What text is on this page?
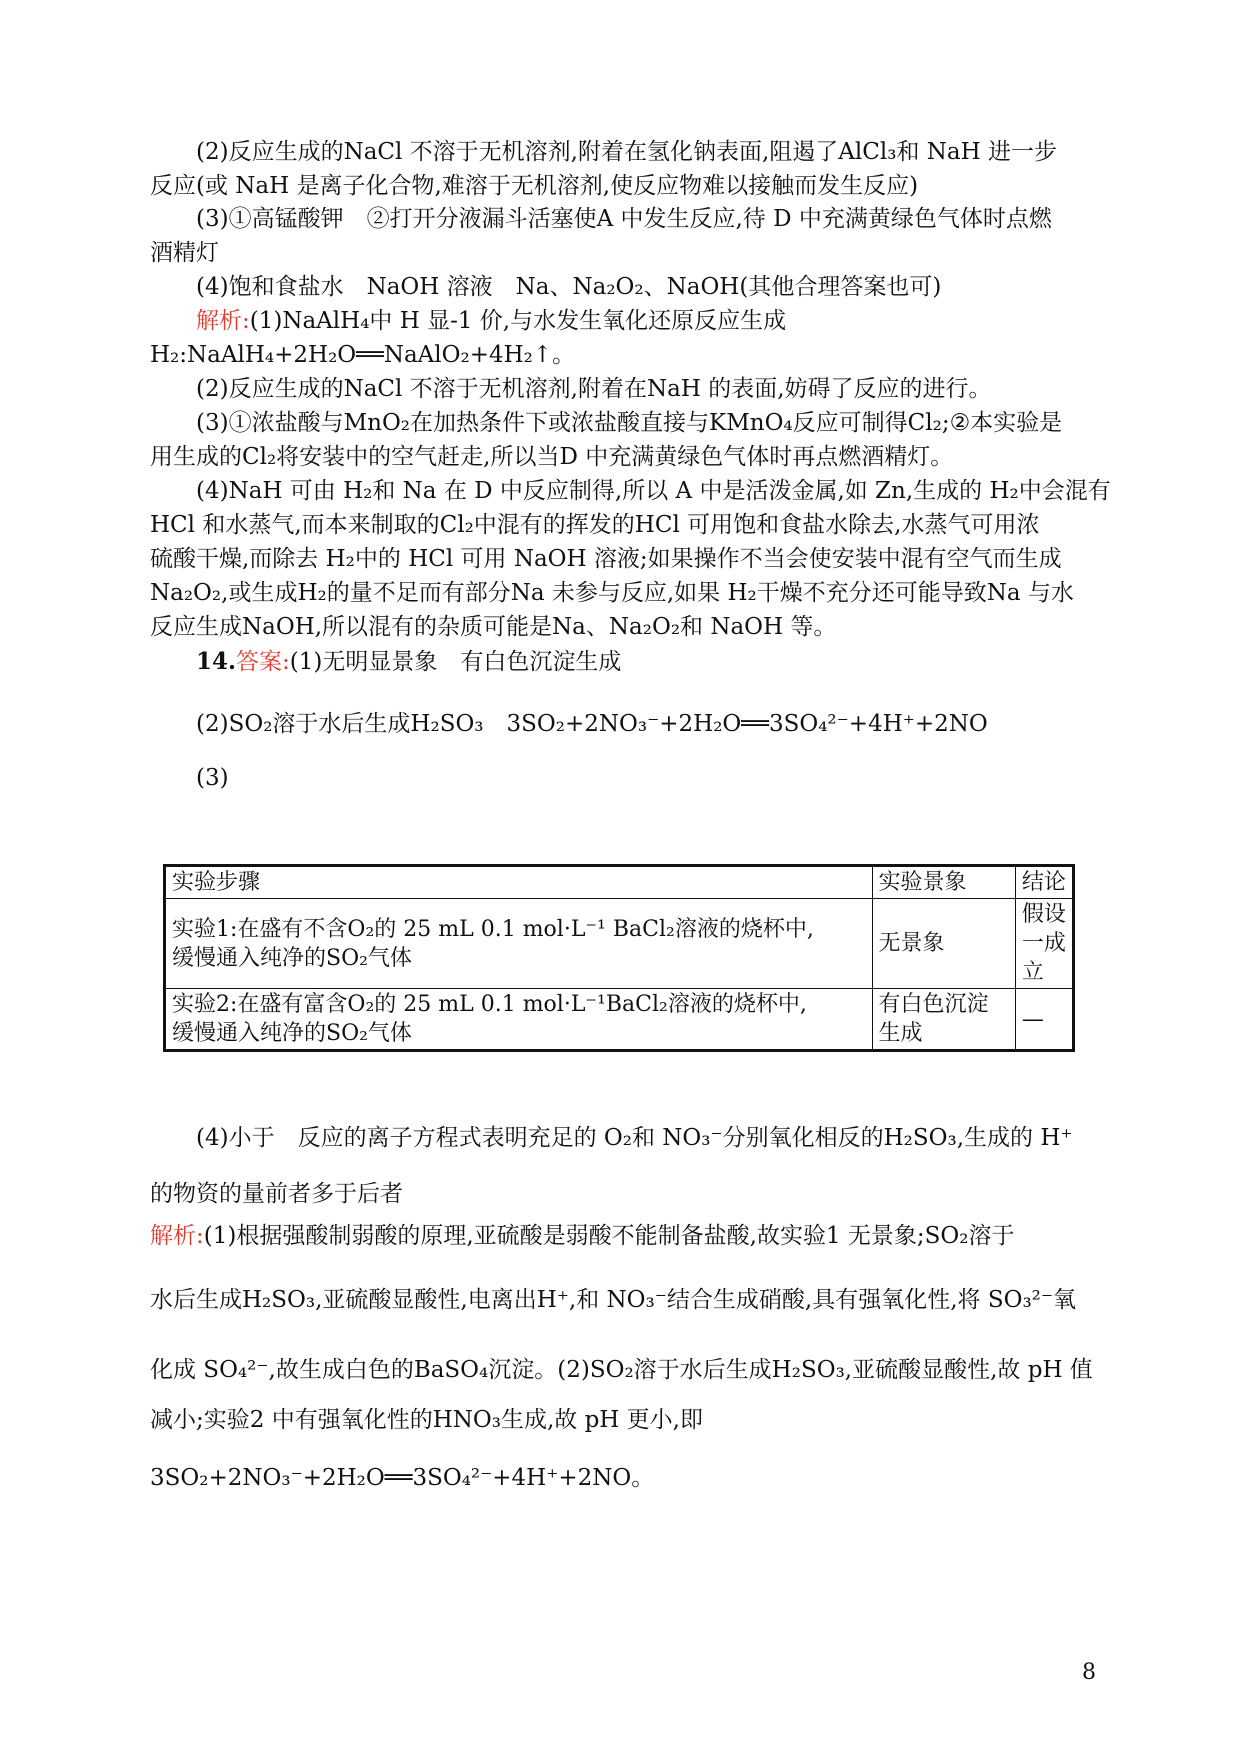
(2)反应生成的NaCl 不溶于无机溶剂,附着在氢化钠表面,阻遏了AlCl₃和 NaH 进一步
反应(或 NaH 是离子化合物,难溶于无机溶剂,使反应物难以接触而发生反应)
(3)①高锰酸钾　②打开分液漏斗活塞使A 中发生反应,待 D 中充满黄绿色气体时点燃
酒精灯
(4)饱和食盐水　NaOH 溶液　Na、Na₂O₂、NaOH(其他合理答案也可)
解析:(1)NaAlH₄中 H 显-1 价,与水发生氧化还原反应生成
H₂:NaAlH₄+2H₂O══NaAlO₂+4H₂↑。
(2)反应生成的NaCl 不溶于无机溶剂,附着在NaH 的表面,妨碍了反应的进行。
(3)①浓盐酸与MnO₂在加热条件下或浓盐酸直接与KMnO₄反应可制得Cl₂;②本实验是
用生成的Cl₂将安装中的空气赶走,所以当D 中充满黄绿色气体时再点燃酒精灯。
(4)NaH 可由 H₂和 Na 在 D 中反应制得,所以 A 中是活泼金属,如 Zn,生成的 H₂中会混有
HCl 和水蒸气,而本来制取的Cl₂中混有的挥发的HCl 可用饱和食盐水除去,水蒸气可用浓
硫酸干燥,而除去 H₂中的 HCl 可用 NaOH 溶液;如果操作不当会使安装中混有空气而生成
Na₂O₂,或生成H₂的量不足而有部分Na 未参与反应,如果 H₂干燥不充分还可能导致Na 与水
反应生成NaOH,所以混有的杂质可能是Na、Na₂O₂和 NaOH 等。
14.答案:(1)无明显景象　有白色沉淀生成
(2)SO₂溶于水后生成H₂SO₃　3SO₂+2NO₃⁻+2H₂O══3SO₄²⁻+4H⁺+2NO
(3)
实验步骤	实验景象	结论

实验1:在盛有不含O₂的 25 mL 0.1 mol·L⁻¹ BaCl₂溶液的烧杯中,
缓慢通入纯净的SO₂气体	无景象	假设一成立

实验2:在盛有富含O₂的 25 mL 0.1 mol·L⁻¹BaCl₂溶液的烧杯中,
缓慢通入纯净的SO₂气体	有白色沉淀生成	—
(4)小于　反应的离子方程式表明充足的 O₂和 NO₃⁻分别氧化相反的H₂SO₃,生成的 H⁺
的物资的量前者多于后者
解析:(1)根据强酸制弱酸的原理,亚硫酸是弱酸不能制备盐酸,故实验1 无景象;SO₂溶于
水后生成H₂SO₃,亚硫酸显酸性,电离出H⁺,和 NO₃⁻结合生成硝酸,具有强氧化性,将 SO₃²⁻氧
化成 SO₄²⁻,故生成白色的BaSO₄沉淀。(2)SO₂溶于水后生成H₂SO₃,亚硫酸显酸性,故 pH 值
减小;实验2 中有强氧化性的HNO₃生成,故 pH 更小,即
3SO₂+2NO₃⁻+2H₂O══3SO₄²⁻+4H⁺+2NO。
8
